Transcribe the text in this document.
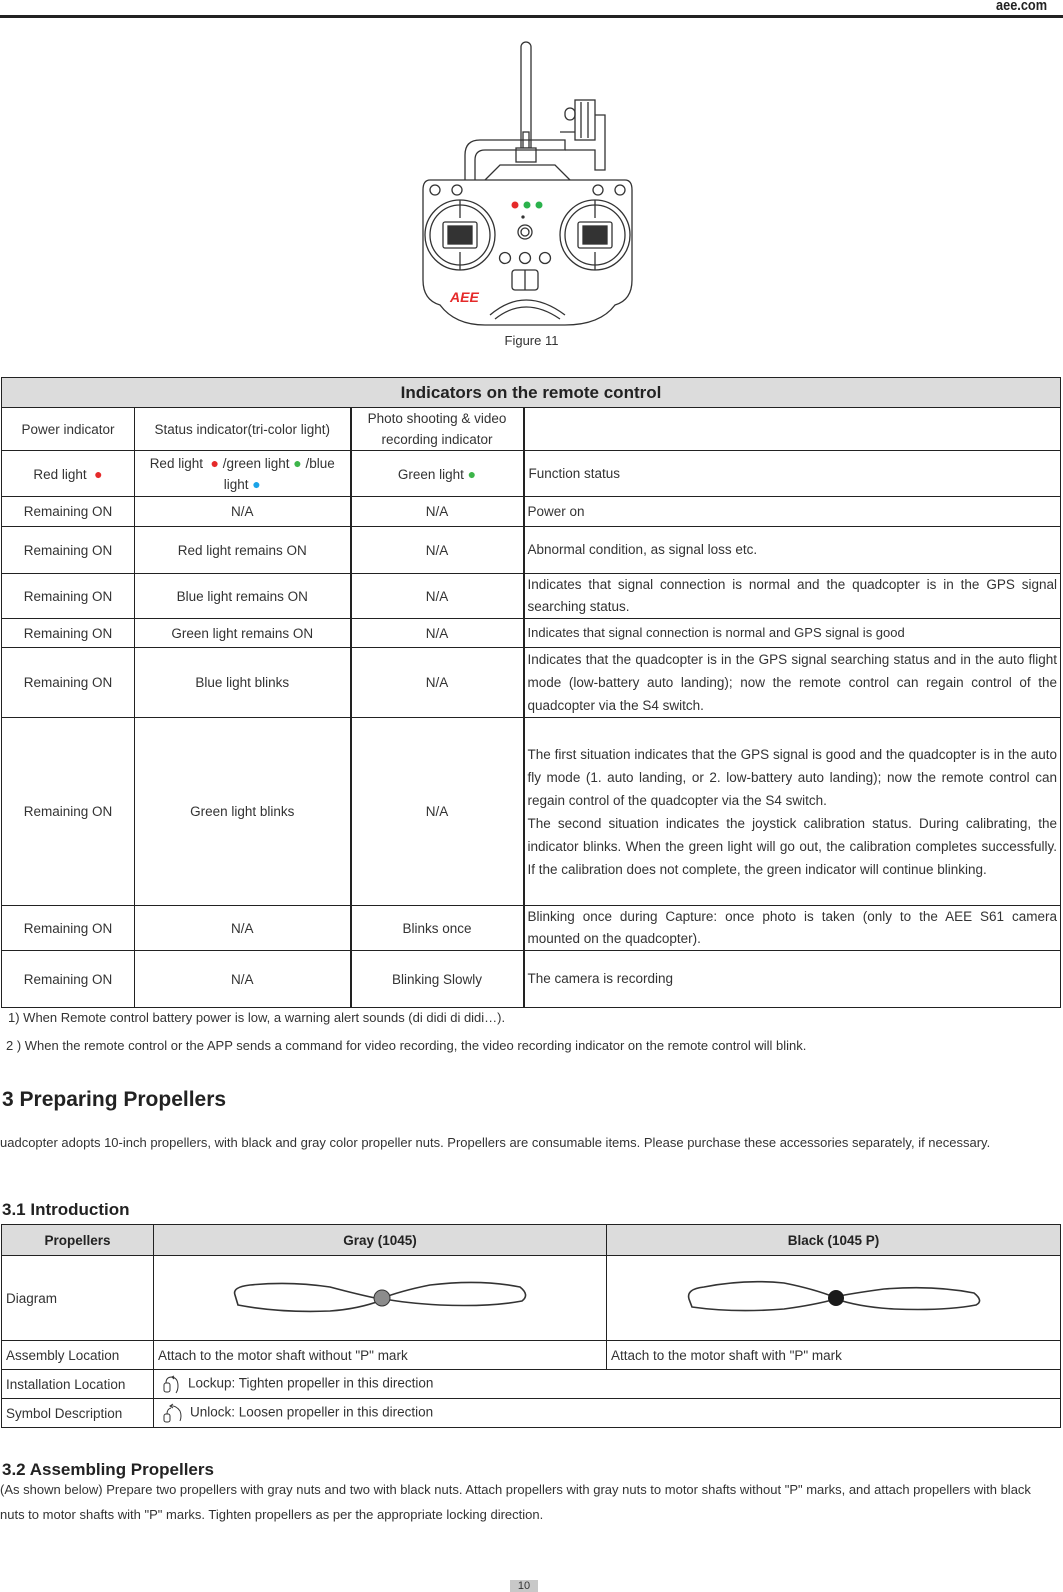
aee.com
AEE
Figure 11
Indicators on the remote control			
Power indicator	Status indicator(tri-color light)	Photo shooting & video recording indicator	
Red light ●	Red light ● /green light ● /blue light ●	Green light ●	Function status
Remaining ON	N/A	N/A	Power on
Remaining ON	Red light remains ON	N/A	Abnormal condition, as signal loss etc.
Remaining ON	Blue light remains ON	N/A	Indicates that signal connection is normal and the quadcopter is in the GPS signal searching status.
Remaining ON	Green light remains ON	N/A	Indicates that signal connection is normal and GPS signal is good
Remaining ON	Blue light blinks	N/A	Indicates that the quadcopter is in the GPS signal searching status and in the auto flight mode (low-battery auto landing); now the remote control can regain control of the quadcopter via the S4 switch.
Remaining ON	Green light blinks	N/A	The first situation indicates that the GPS signal is good and the quadcopter is in the auto fly mode (1. auto landing, or 2. low-battery auto landing); now the remote control can regain control of the quadcopter via the S4 switch.
The second situation indicates the joystick calibration status. During calibrating, the indicator blinks. When the green light will go out, the calibration completes successfully. If the calibration does not complete, the green indicator will continue blinking.

Remaining ON	N/A	Blinks once	Blinking once during Capture: once photo is taken (only to the AEE S61 camera mounted on the quadcopter).
Remaining ON	N/A	Blinking Slowly	The camera is recording
1) When Remote control battery power is low, a warning alert sounds (di didi di didi…).
2 ) When the remote control or the APP sends a command for video recording, the video recording indicator on the remote control will blink.
3 Preparing Propellers
uadcopter adopts 10-inch propellers, with black and gray color propeller nuts. Propellers are consumable items. Please purchase these accessories separately, if necessary.
3.1 Introduction
Propellers	Gray (1045)	Black (1045 P)
Diagram		
Assembly Location	Attach to the motor shaft without "P" mark	Attach to the motor shaft with "P" mark
Installation Location	Lockup: Tighten propeller in this direction	
Symbol Description	Unlock: Loosen propeller in this direction	
3.2 Assembling Propellers
(As shown below) Prepare two propellers with gray nuts and two with black nuts. Attach propellers with gray nuts to motor shafts without "P" marks, and attach propellers with black nuts to motor shafts with "P" marks. Tighten propellers as per the appropriate locking direction.
10
